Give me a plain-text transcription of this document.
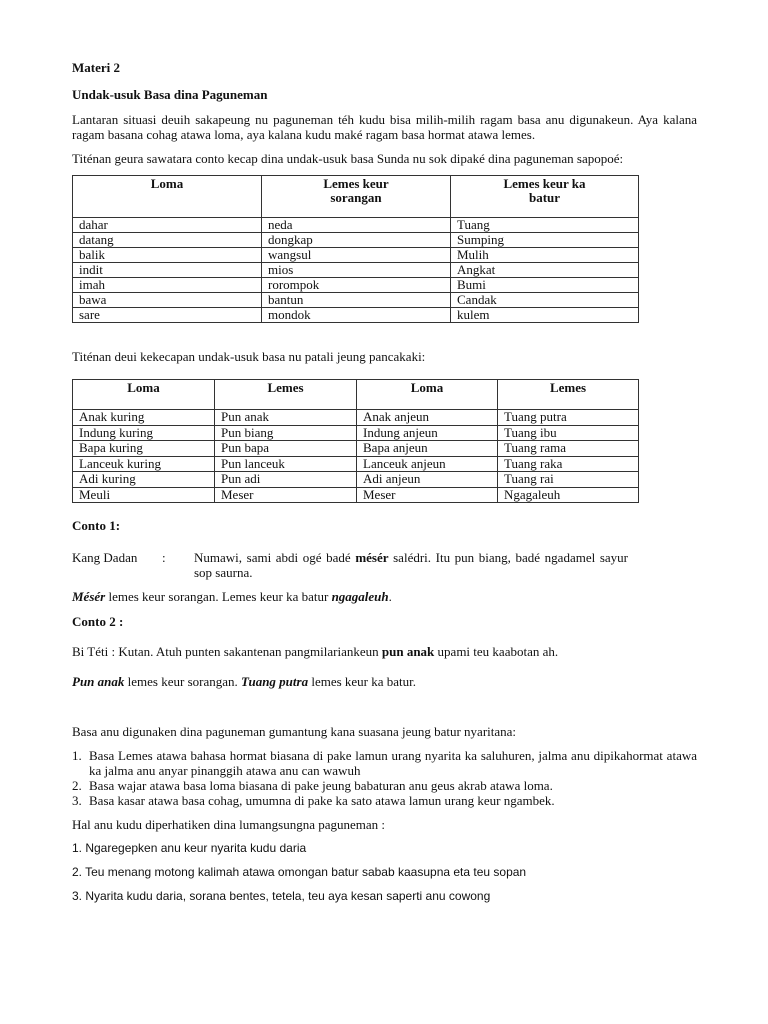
Materi 2

Undak-usuk Basa dina Paguneman

Lantaran situasi deuih sakapeung nu paguneman téh kudu bisa milih-milih ragam basa anu digunakeun. Aya kalana ragam basana cohag atawa loma, aya kalana kudu maké ragam basa hormat atawa lemes.

Titénan geura sawatara conto kecap dina undak-usuk basa Sunda nu sok dipaké dina paguneman sapopoé:

Loma	Lemes keur sorangan	Lemes keur ka batur
dahar	neda	Tuang
datang	dongkap	Sumping
balik	wangsul	Mulih
indit	mios	Angkat
imah	rorompok	Bumi
bawa	bantun	Candak
sare	mondok	kulem

Titénan deui kekecapan undak-usuk basa nu patali jeung pancakaki:

Loma	Lemes	Loma	Lemes
Anak kuring	Pun anak	Anak anjeun	Tuang putra
Indung kuring	Pun biang	Indung anjeun	Tuang ibu
Bapa kuring	Pun bapa	Bapa anjeun	Tuang rama
Lanceuk kuring	Pun lanceuk	Lanceuk anjeun	Tuang raka
Adi kuring	Pun adi	Adi anjeun	Tuang rai
Meuli	Meser	Meser	Ngagaleuh

Conto 1:

Kang Dadan	:	Numawi, sami abdi ogé badé mésér salédri. Itu pun biang, badé ngadamel sayur sop saurna.

Mésér lemes keur sorangan. Lemes keur ka batur ngagaleuh.

Conto 2 :

Bi Téti : Kutan. Atuh punten sakantenan pangmilariankeun pun anak upami teu kaabotan ah.

Pun anak lemes keur sorangan. Tuang putra lemes keur ka batur.

Basa anu digunaken dina paguneman gumantung kana suasana jeung batur nyaritana:

1. Basa Lemes atawa bahasa hormat biasana di pake lamun urang nyarita ka saluhuren, jalma anu dipikahormat atawa ka jalma anu anyar pinanggih atawa anu can wawuh
2. Basa wajar atawa basa loma biasana di pake jeung babaturan anu geus akrab atawa loma.
3. Basa kasar atawa basa cohag, umumna di pake ka sato atawa lamun urang keur ngambek.

Hal anu kudu diperhatiken dina lumangsungna paguneman :

1. Ngaregepken anu keur nyarita kudu daria

2. Teu menang motong kalimah atawa omongan batur sabab kaasupna eta teu sopan

3. Nyarita kudu daria, sorana bentes, tetela, teu aya kesan saperti anu cowong
